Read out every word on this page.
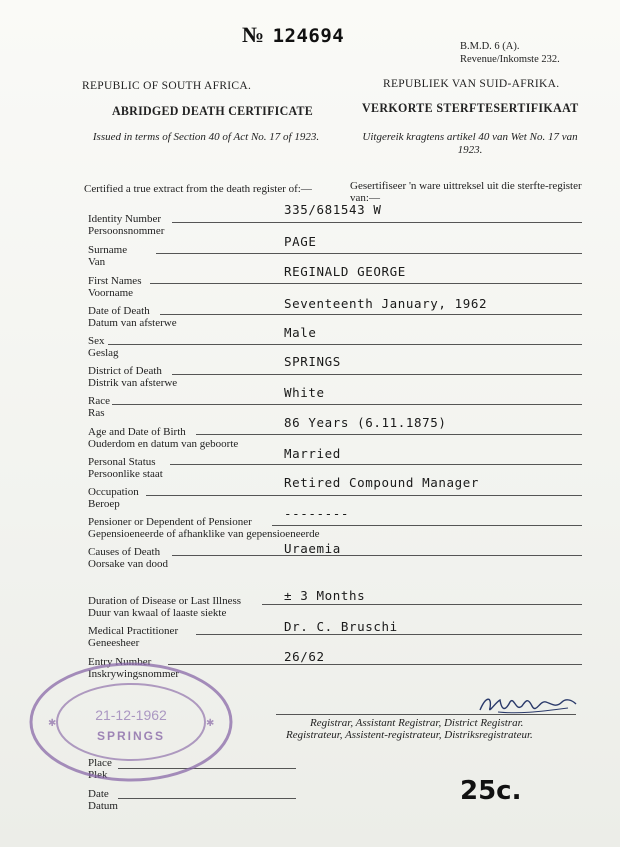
№ 124694	B.M.D. 6 (A).
Revenue/Inkomste 232.
REPUBLIC OF SOUTH AFRICA.	REPUBLIEK VAN SUID-AFRIKA.
ABRIDGED DEATH CERTIFICATE	VERKORTE STERFTESERTIFIKAAT
Issued in terms of Section 40 of Act No. 17 of 1923.	Uitgereik kragtens artikel 40 van Wet No. 17 van 1923.
Certified a true extract from the death register of:—	Gesertifiseer 'n ware uittreksel uit die sterfte-register van:—
Identity Number
Persoonsnommer
335/681543 W
Surname
Van
PAGE
First Names
Voorname
REGINALD GEORGE
Date of Death
Datum van afsterwe
Seventeenth January, 1962
Sex
Geslag
Male
District of Death
Distrik van afsterwe
SPRINGS
Race
Ras
White
Age and Date of Birth
Ouderdom en datum van geboorte
86 Years (6.11.1875)
Personal Status
Persoonlike staat
Married
Occupation
Beroep
Retired Compound Manager
Pensioner or Dependent of Pensioner
Gepensioeneerde of afhanklike van gepensioeneerde
--------
Causes of Death
Oorsake van dood
Uraemia
Duration of Disease or Last Illness
Duur van kwaal of laaste siekte
± 3 Months
Medical Practitioner
Geneesheer
Dr. C. Bruschi
Entry Number
Inskrywingsnommer
26/62
Place
Plek
Date
Datum
Registrar, Assistant Registrar, District Registrar.
Registrateur, Assistent-registrateur, Distriksregistrateur.
21-12-1962
SPRINGS
✱	✱
25c.
